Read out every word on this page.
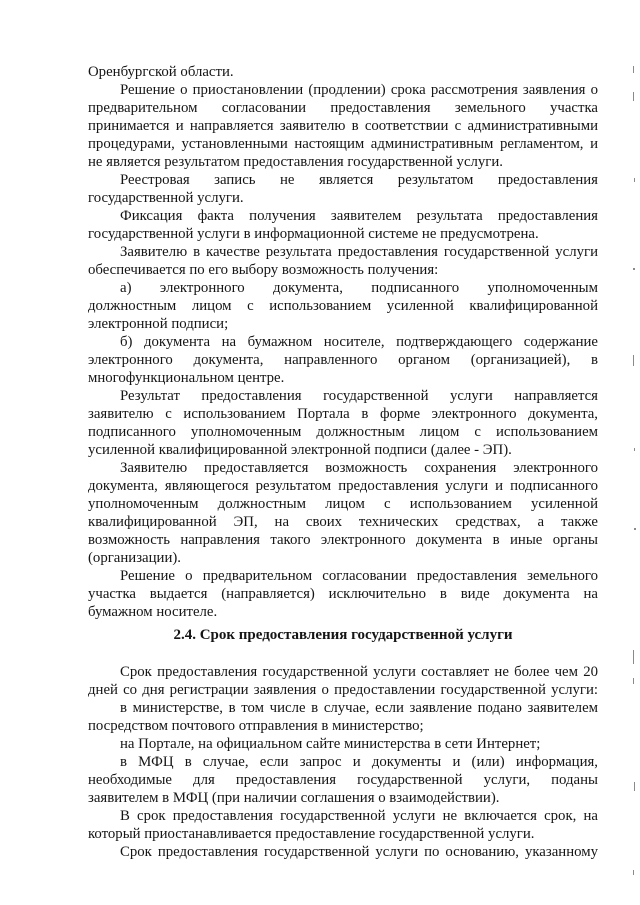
Оренбургской области.
Решение о приостановлении (продлении) срока рассмотрения заявления о
предварительном согласовании предоставления земельного участка
принимается и направляется заявителю в соответствии с административными
процедурами, установленными настоящим административным регламентом, и
не является результатом предоставления государственной услуги.
Реестровая запись не является результатом предоставления
государственной услуги.
Фиксация факта получения заявителем результата предоставления
государственной услуги в информационной системе не предусмотрена.
Заявителю в качестве результата предоставления государственной услуги
обеспечивается по его выбору возможность получения:
а) электронного документа, подписанного уполномоченным
должностным лицом с использованием усиленной квалифицированной
электронной подписи;
б) документа на бумажном носителе, подтверждающего содержание
электронного документа, направленного органом (организацией), в
многофункциональном центре.
Результат предоставления государственной услуги направляется
заявителю с использованием Портала в форме электронного документа,
подписанного уполномоченным должностным лицом с использованием
усиленной квалифицированной электронной подписи (далее - ЭП).
Заявителю предоставляется возможность сохранения электронного
документа, являющегося результатом предоставления услуги и подписанного
уполномоченным должностным лицом с использованием усиленной
квалифицированной ЭП, на своих технических средствах, а также
возможность направления такого электронного документа в иные органы
(организации).
Решение о предварительном согласовании предоставления земельного
участка выдается (направляется) исключительно в виде документа на
бумажном носителе.
2.4. Срок предоставления государственной услуги
Срок предоставления государственной услуги составляет не более чем 20
дней со дня регистрации заявления о предоставлении государственной услуги:
в министерстве, в том числе в случае, если заявление подано заявителем
посредством почтового отправления в министерство;
на Портале, на официальном сайте министерства в сети Интернет;
в МФЦ в случае, если запрос и документы и (или) информация,
необходимые для предоставления государственной услуги, поданы
заявителем в МФЦ (при наличии соглашения о взаимодействии).
В срок предоставления государственной услуги не включается срок, на
который приостанавливается предоставление государственной услуги.
Срок предоставления государственной услуги по основанию, указанному
